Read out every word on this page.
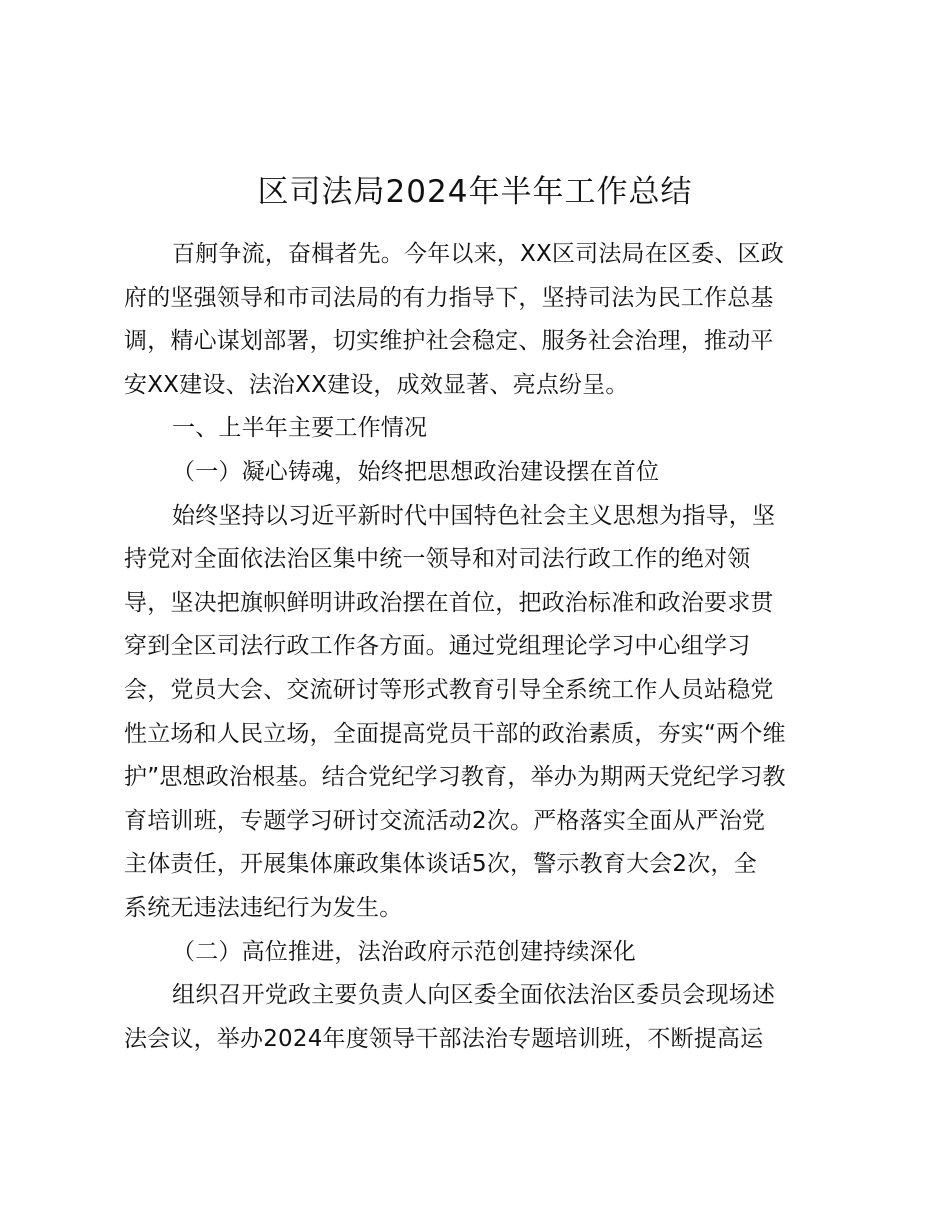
区司法局2024年半年工作总结
百舸争流，奋楫者先。今年以来，XX区司法局在区委、区政
府的坚强领导和市司法局的有力指导下，坚持司法为民工作总基
调，精心谋划部署，切实维护社会稳定、服务社会治理，推动平
安XX建设、法治XX建设，成效显著、亮点纷呈。
一、上半年主要工作情况
（一）凝心铸魂，始终把思想政治建设摆在首位
始终坚持以习近平新时代中国特色社会主义思想为指导，坚
持党对全面依法治区集中统一领导和对司法行政工作的绝对领
导，坚决把旗帜鲜明讲政治摆在首位，把政治标准和政治要求贯
穿到全区司法行政工作各方面。通过党组理论学习中心组学习
会，党员大会、交流研讨等形式教育引导全系统工作人员站稳党
性立场和人民立场，全面提高党员干部的政治素质，夯实“两个维
护”思想政治根基。结合党纪学习教育，举办为期两天党纪学习教
育培训班，专题学习研讨交流活动2次。严格落实全面从严治党
主体责任，开展集体廉政集体谈话5次，警示教育大会2次，全
系统无违法违纪行为发生。
（二）高位推进，法治政府示范创建持续深化
组织召开党政主要负责人向区委全面依法治区委员会现场述
法会议，举办2024年度领导干部法治专题培训班，不断提高运
